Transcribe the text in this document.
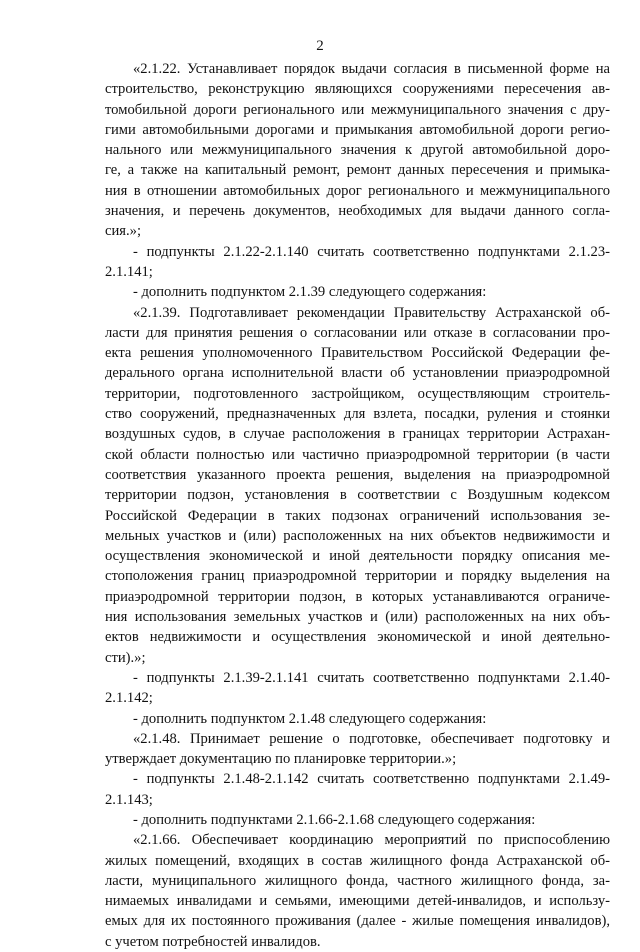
2
«2.1.22. Устанавливает порядок выдачи согласия в письменной форме на
строительство, реконструкцию являющихся сооружениями пересечения ав-
томобильной дороги регионального или межмуниципального значения с дру-
гими автомобильными дорогами и примыкания автомобильной дороги регио-
нального или межмуниципального значения к другой автомобильной доро-
ге, а также на капитальный ремонт, ремонт данных пересечения и примыка-
ния в отношении автомобильных дорог регионального и межмуниципального
значения, и перечень документов, необходимых для выдачи данного согла-
сия.»;
- подпункты 2.1.22-2.1.140 считать соответственно подпунктами 2.1.23-
2.1.141;
- дополнить подпунктом 2.1.39 следующего содержания:
«2.1.39. Подготавливает рекомендации Правительству Астраханской об-
ласти для принятия решения о согласовании или отказе в согласовании про-
екта решения уполномоченного Правительством Российской Федерации фе-
дерального органа исполнительной власти об установлении приаэродромной
территории, подготовленного застройщиком, осуществляющим строитель-
ство сооружений, предназначенных для взлета, посадки, руления и стоянки
воздушных судов, в случае расположения в границах территории Астрахан-
ской области полностью или частично приаэродромной территории (в части
соответствия указанного проекта решения, выделения на приаэродромной
территории подзон, установления в соответствии с Воздушным кодексом
Российской Федерации в таких подзонах ограничений использования зе-
мельных участков и (или) расположенных на них объектов недвижимости и
осуществления экономической и иной деятельности порядку описания ме-
стоположения границ приаэродромной территории и порядку выделения на
приаэродромной территории подзон, в которых устанавливаются ограниче-
ния использования земельных участков и (или) расположенных на них объ-
ектов недвижимости и осуществления экономической и иной деятельно-
сти).»;
- подпункты 2.1.39-2.1.141 считать соответственно подпунктами 2.1.40-
2.1.142;
- дополнить подпунктом 2.1.48 следующего содержания:
«2.1.48. Принимает решение о подготовке, обеспечивает подготовку и
утверждает документацию по планировке территории.»;
- подпункты 2.1.48-2.1.142 считать соответственно подпунктами 2.1.49-
2.1.143;
- дополнить подпунктами 2.1.66-2.1.68 следующего содержания:
«2.1.66. Обеспечивает координацию мероприятий по приспособлению
жилых помещений, входящих в состав жилищного фонда Астраханской об-
ласти, муниципального жилищного фонда, частного жилищного фонда, за-
нимаемых инвалидами и семьями, имеющими детей-инвалидов, и использу-
емых для их постоянного проживания (далее - жилые помещения инвалидов),
с учетом потребностей инвалидов.
